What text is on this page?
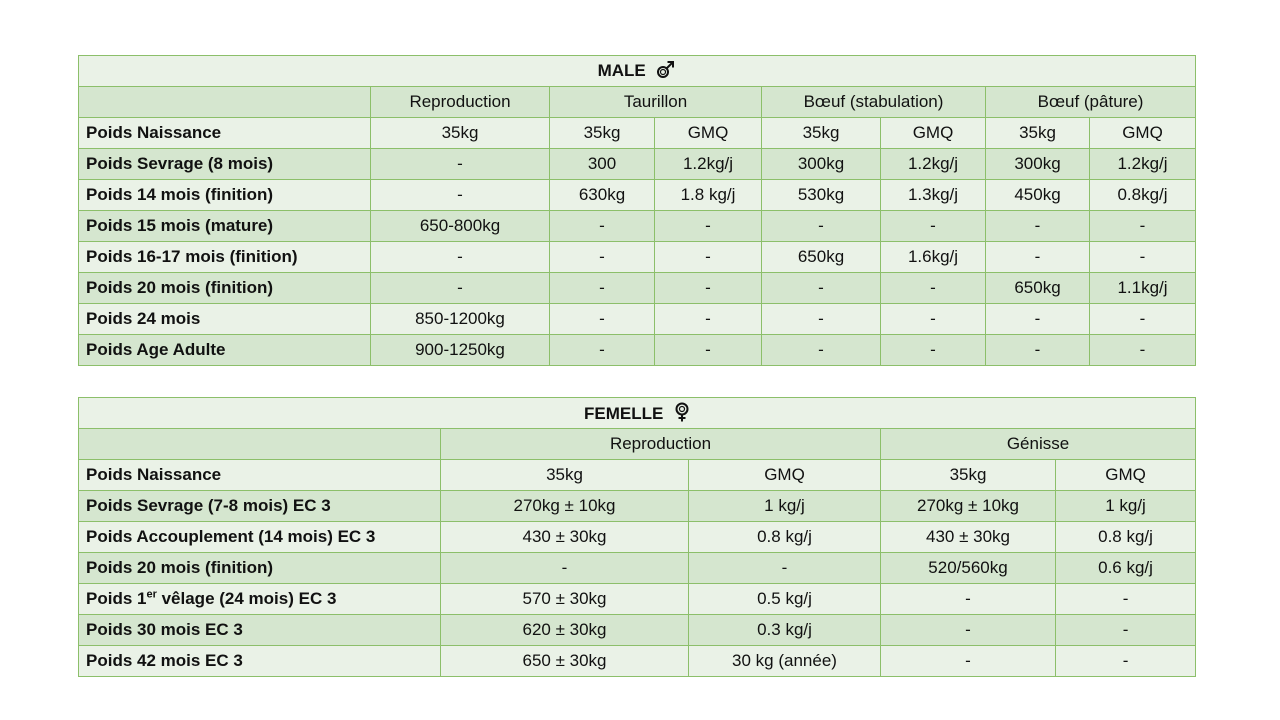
MALE							
	Reproduction	Taurillon		Bœuf (stabulation)		Bœuf (pâture)	
Poids Naissance	35kg	35kg	GMQ	35kg	GMQ	35kg	GMQ
Poids Sevrage (8 mois)	-	300	1.2kg/j	300kg	1.2kg/j	300kg	1.2kg/j
Poids 14 mois (finition)	-	630kg	1.8 kg/j	530kg	1.3kg/j	450kg	0.8kg/j
Poids 15 mois (mature)	650-800kg	-	-	-	-	-	-
Poids 16-17 mois (finition)	-	-	-	650kg	1.6kg/j	-	-
Poids 20 mois (finition)	-	-	-	-	-	650kg	1.1kg/j
Poids 24 mois	850-1200kg	-	-	-	-	-	-
Poids Age Adulte	900-1250kg	-	-	-	-	-	-
FEMELLE				
	Reproduction		Génisse	
Poids Naissance	35kg	GMQ	35kg	GMQ
Poids Sevrage (7-8 mois) EC 3	270kg ± 10kg	1 kg/j	270kg ± 10kg	1 kg/j
Poids Accouplement (14 mois) EC 3	430 ± 30kg	0.8 kg/j	430 ± 30kg	0.8 kg/j
Poids 20 mois (finition)	-	-	520/560kg	0.6 kg/j
Poids 1er vêlage (24 mois) EC 3	570 ± 30kg	0.5 kg/j	-	-
Poids 30 mois EC 3	620 ± 30kg	0.3 kg/j	-	-
Poids 42 mois EC 3	650 ± 30kg	30 kg (année)	-	-
